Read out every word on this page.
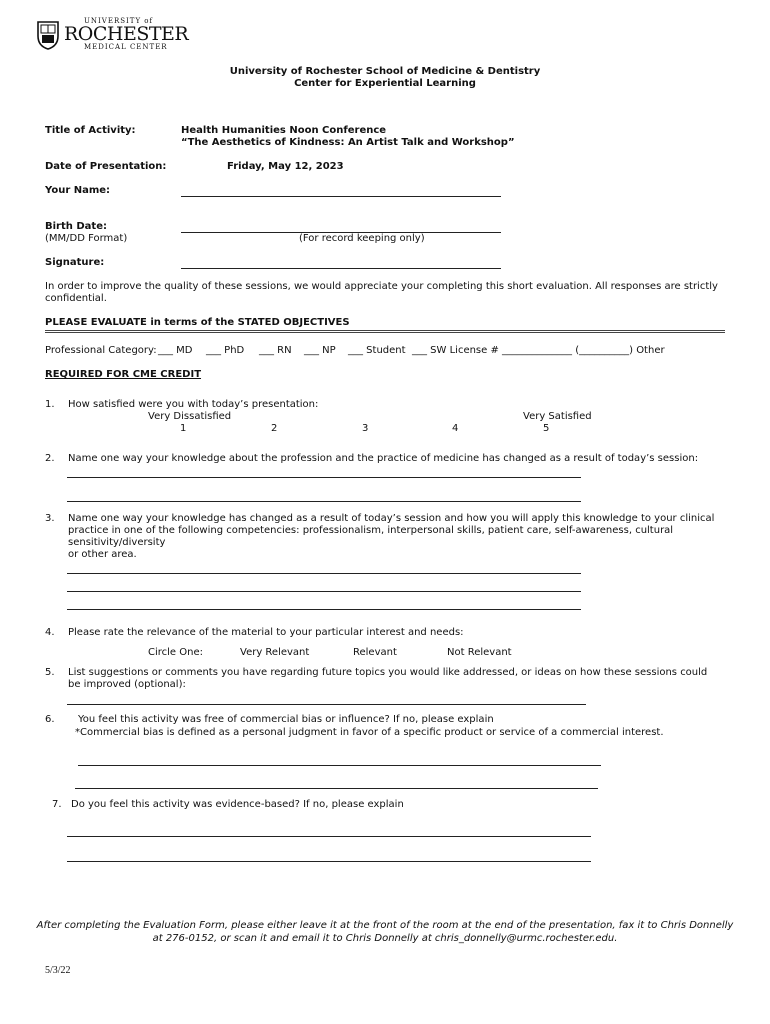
UNIVERSITY of
ROCHESTER
MEDICAL CENTER
University of Rochester School of Medicine & Dentistry
Center for Experiential Learning
Title of Activity:	Health Humanities Noon Conference
“The Aesthetics of Kindness: An Artist Talk and Workshop”
Date of Presentation:	Friday, May 12, 2023
Your Name:
Birth Date:
(MM/DD Format)	(For record keeping only)
Signature:
In order to improve the quality of these sessions, we would appreciate your completing this short evaluation. All responses are strictly
confidential.
PLEASE EVALUATE in terms of the STATED OBJECTIVES
Professional Category: ___ MD ___ PhD ___ RN ___ NP ___ Student ___ SW License # ______________ (__________) Other
REQUIRED FOR CME CREDIT
1. How satisfied were you with today’s presentation:
Very Dissatisfied	Very Satisfied
1	2	3	4	5
2. Name one way your knowledge about the profession and the practice of medicine has changed as a result of today’s session:
3. Name one way your knowledge has changed as a result of today’s session and how you will apply this knowledge to your clinical
practice in one of the following competencies: professionalism, interpersonal skills, patient care, self-awareness, cultural
sensitivity/diversity
or other area.
4. Please rate the relevance of the material to your particular interest and needs:
Circle One:	Very Relevant	Relevant	Not Relevant
5. List suggestions or comments you have regarding future topics you would like addressed, or ideas on how these sessions could
be improved (optional):
6. You feel this activity was free of commercial bias or influence? If no, please explain
*Commercial bias is defined as a personal judgment in favor of a specific product or service of a commercial interest.
7. Do you feel this activity was evidence-based? If no, please explain
After completing the Evaluation Form, please either leave it at the front of the room at the end of the presentation, fax it to Chris Donnelly
at 276-0152, or scan it and email it to Chris Donnelly at chris_donnelly@urmc.rochester.edu.
5/3/22
